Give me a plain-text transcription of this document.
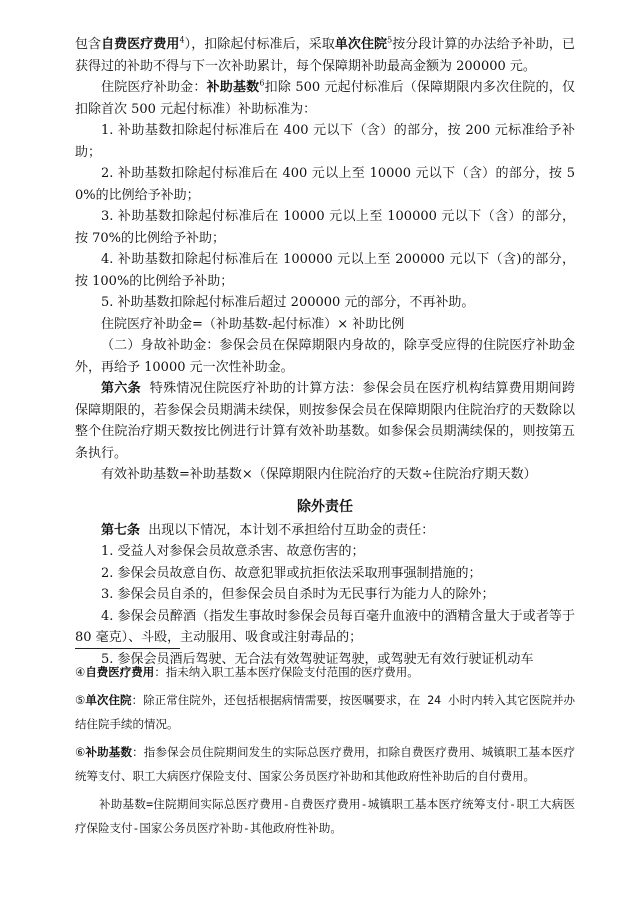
包含自费医疗费用$^4$），扣除起付标准后，采取单次住院$^5$按分段计算的办法给予补助，已获得过的补助不得与下一次补助累计，每个保障期补助最高金额为 200000 元。

住院医疗补助金：补助基数$^6$扣除 500 元起付标准后（保障期限内多次住院的，仅扣除首次 500 元起付标准）补助标准为：

1. 补助基数扣除起付标准后在 400 元以下（含）的部分，按 200 元标准给予补助；

2. 补助基数扣除起付标准后在 400 元以上至 10000 元以下（含）的部分，按 50%的比例给予补助；

3. 补助基数扣除起付标准后在 10000 元以上至 100000 元以下（含）的部分，按 70%的比例给予补助；

4. 补助基数扣除起付标准后在 100000 元以上至 200000 元以下（含)的部分，按 100%的比例给予补助；

5. 补助基数扣除起付标准后超过 200000 元的部分，不再补助。

住院医疗补助金=（补助基数-起付标准）× 补助比例

（二）身故补助金：参保会员在保障期限内身故的，除享受应得的住院医疗补助金外，再给予 10000 元一次性补助金。

第六条 特殊情况住院医疗补助的计算方法：参保会员在医疗机构结算费用期间跨保障期限的，若参保会员期满未续保，则按参保会员在保障期限内住院治疗的天数除以整个住院治疗期天数按比例进行计算有效补助基数。如参保会员期满续保的，则按第五条执行。

有效补助基数=补助基数×（保障期限内住院治疗的天数÷住院治疗期天数）

除外责任

第七条 出现以下情况，本计划不承担给付互助金的责任：

1. 受益人对参保会员故意杀害、故意伤害的；

2. 参保会员故意自伤、故意犯罪或抗拒依法采取刑事强制措施的；

3. 参保会员自杀的，但参保会员自杀时为无民事行为能力人的除外；

4. 参保会员醉酒（指发生事故时参保会员每百毫升血液中的酒精含量大于或者等于 80 毫克）、斗殴，主动服用、吸食或注射毒品的；

5. 参保会员酒后驾驶、无合法有效驾驶证驾驶，或驾驶无有效行驶证机动车

④自费医疗费用：指未纳入职工基本医疗保险支付范围的医疗费用。

⑤单次住院：除正常住院外，还包括根据病情需要，按医嘱要求，在 24 小时内转入其它医院并办结住院手续的情况。

⑥补助基数：指参保会员住院期间发生的实际总医疗费用，扣除自费医疗费用、城镇职工基本医疗统筹支付、职工大病医疗保险支付、国家公务员医疗补助和其他政府性补助后的自付费用。

补助基数=住院期间实际总医疗费用-自费医疗费用-城镇职工基本医疗统筹支付-职工大病医疗保险支付-国家公务员医疗补助-其他政府性补助。
